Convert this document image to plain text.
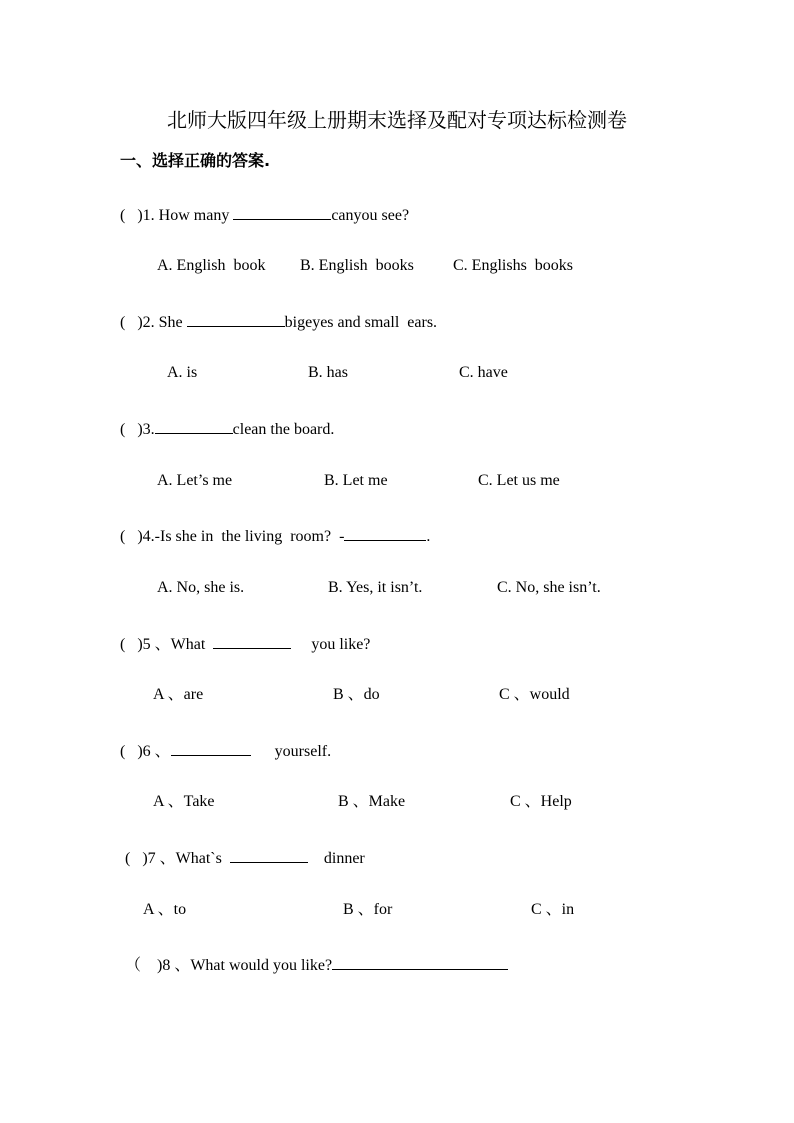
北师大版四年级上册期末选择及配对专项达标检测卷
一、选择正确的答案.
(   )1. How many	canyou see?
A. English  book B. English  books C. Englishs  books
(   )2. She	bigeyes and small  ears.
A. is	B. has	C. have
(   )3.	clean the board.
A. Let’s me	B. Let me	C. Let us me
(   )4.-Is she in  the living  room?  -	.
A. No, she is.	B. Yes, it isn’t.	C. No, she isn’t.
(   )5 、What	you like?
A 、are	B 、do	C 、would
(   )6 、	yourself.
A 、Take	B 、Make	C 、Help
(   )7 、What`s	dinner
A 、to	B 、for	C 、in
（    )8 、What would you like?
